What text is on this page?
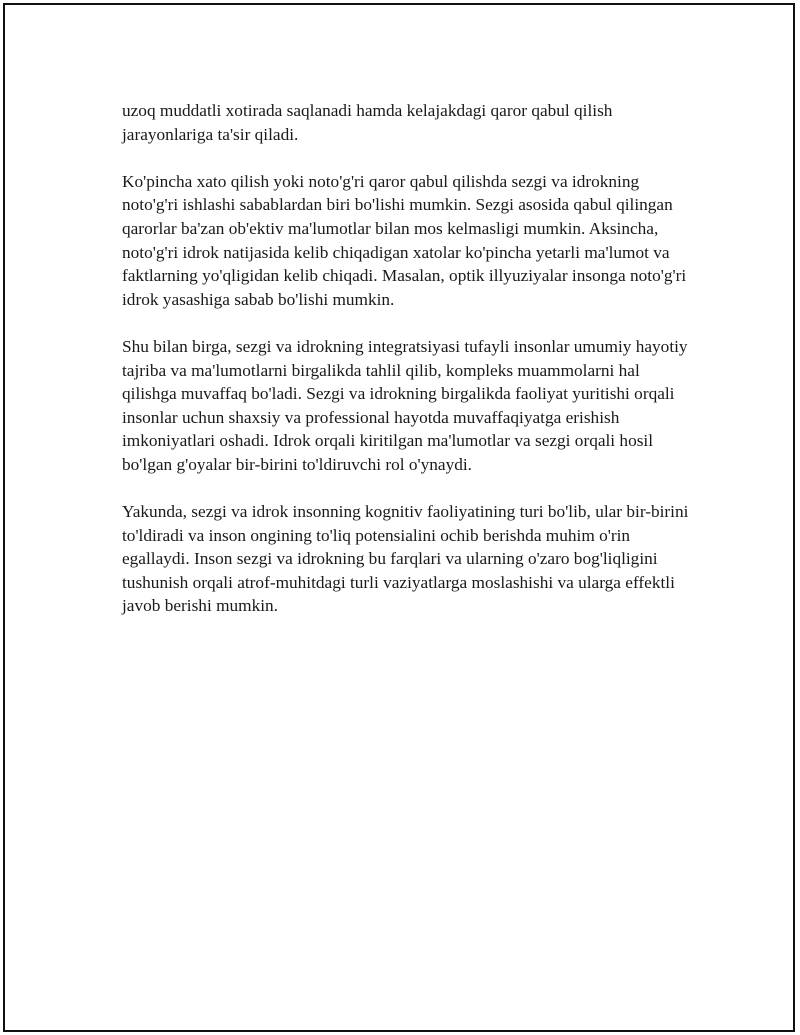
uzoq muddatli xotirada saqlanadi hamda kelajakdagi qaror qabul qilish jarayonlariga ta'sir qiladi.

Ko'pincha xato qilish yoki noto'g'ri qaror qabul qilishda sezgi va idrokning noto'g'ri ishlashi sabablardan biri bo'lishi mumkin. Sezgi asosida qabul qilingan qarorlar ba'zan ob'ektiv ma'lumotlar bilan mos kelmasligi mumkin. Aksincha, noto'g'ri idrok natijasida kelib chiqadigan xatolar ko'pincha yetarli ma'lumot va faktlarning yo'qligidan kelib chiqadi. Masalan, optik illyuziyalar insonga noto'g'ri idrok yasashiga sabab bo'lishi mumkin.

Shu bilan birga, sezgi va idrokning integratsiyasi tufayli insonlar umumiy hayotiy tajriba va ma'lumotlarni birgalikda tahlil qilib, kompleks muammolarni hal qilishga muvaffaq bo'ladi. Sezgi va idrokning birgalikda faoliyat yuritishi orqali insonlar uchun shaxsiy va professional hayotda muvaffaqiyatga erishish imkoniyatlari oshadi. Idrok orqali kiritilgan ma'lumotlar va sezgi orqali hosil bo'lgan g'oyalar bir-birini to'ldiruvchi rol o'ynaydi.

Yakunda, sezgi va idrok insonning kognitiv faoliyatining turi bo'lib, ular bir-birini to'ldiradi va inson ongining to'liq potensialini ochib berishda muhim o'rin egallaydi. Inson sezgi va idrokning bu farqlari va ularning o'zaro bog'liqligini tushunish orqali atrof-muhitdagi turli vaziyatlarga moslashishi va ularga effektli javob berishi mumkin.
